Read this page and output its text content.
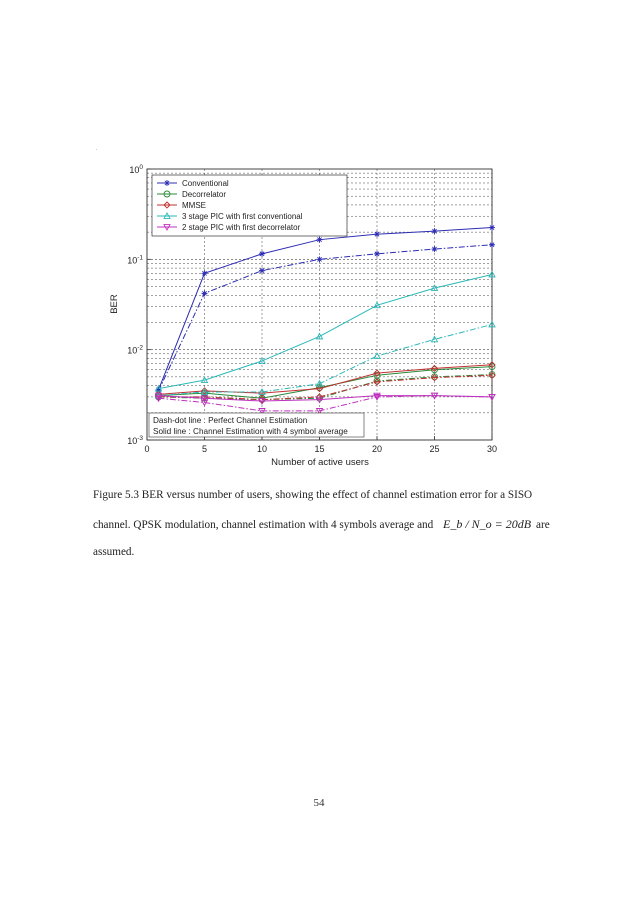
.
0	5	10	15	20	25	30
$10^{-3}$
$10^{-2}$
$10^{-1}$
$10^0$
Conventional
Decorrelator
MMSE
3 stage PIC with first conventional
2 stage PIC with first decorrelator
Dash-dot line : Perfect Channel Estimation
Solid line : Channel Estimation with 4 symbol average
BER
Number of active users
Figure 5.3 BER versus number of users, showing the effect of channel estimation error for a SISO
channel. QPSK modulation, channel estimation with 4 symbols average and E_b / N_o = 20dB are
assumed.
54
